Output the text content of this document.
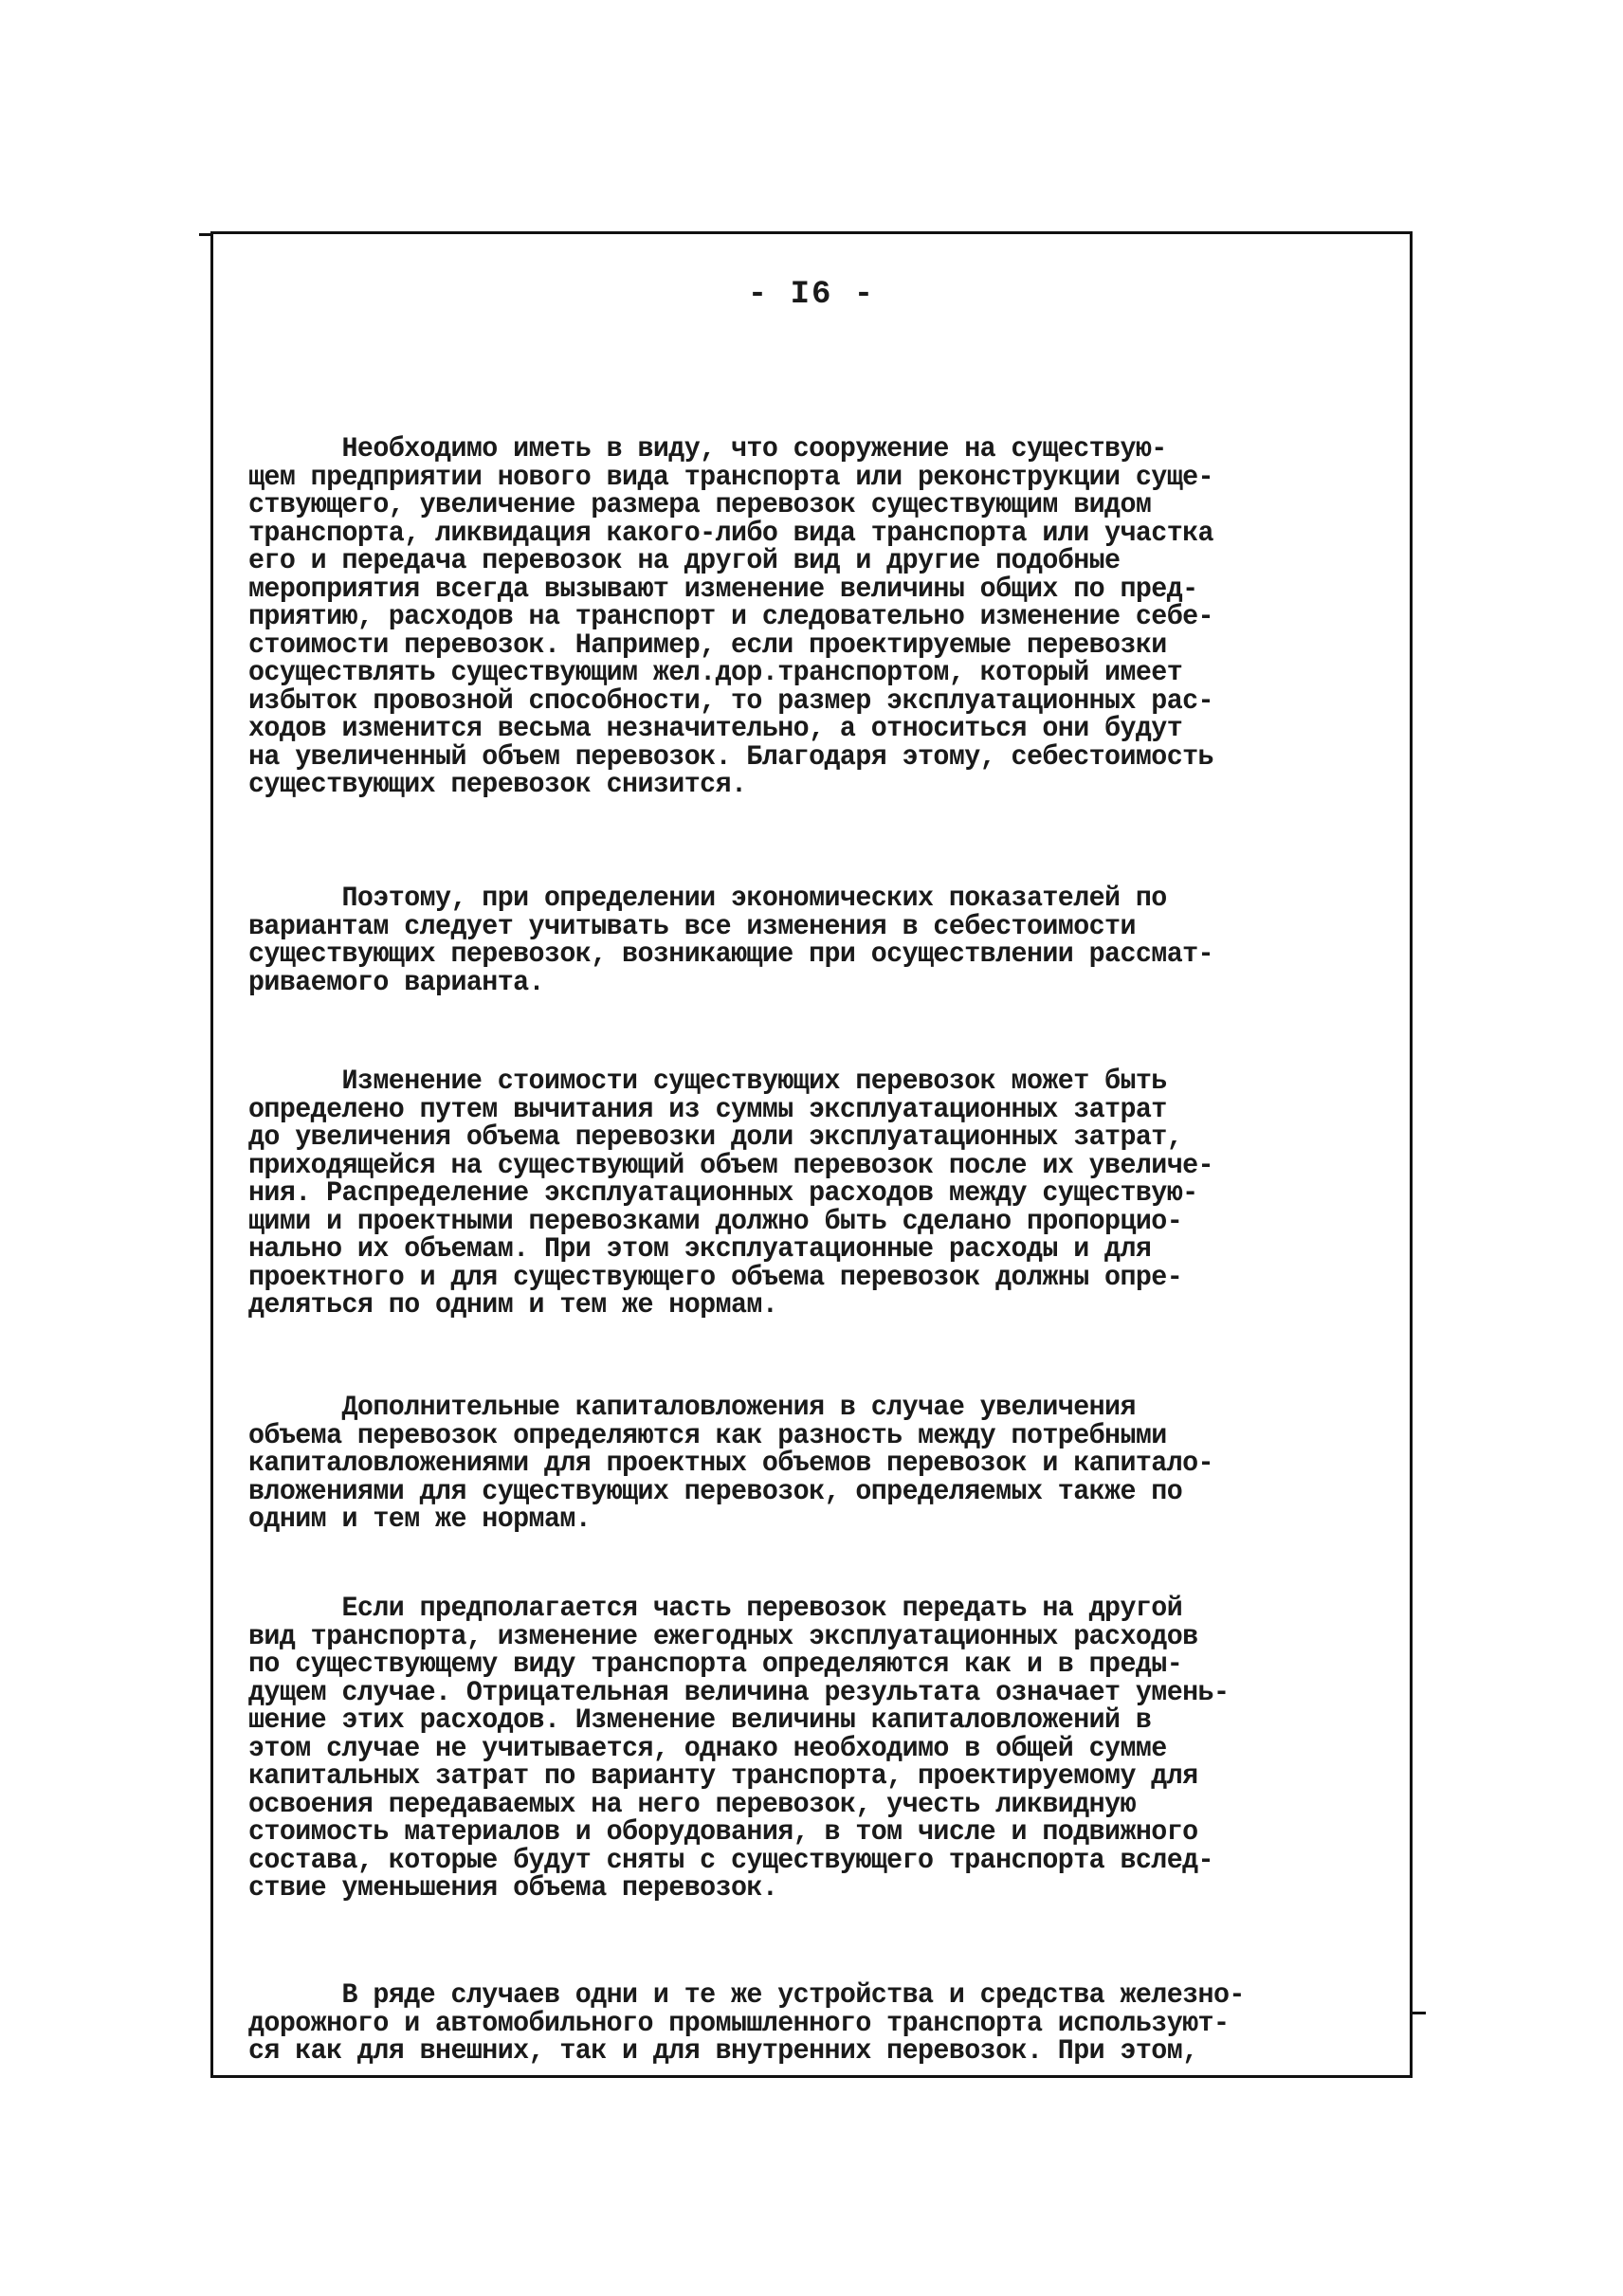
- I6 -

Необходимо иметь в виду, что сооружение на существую-
щем предприятии нового вида транспорта или реконструкции суще-
ствующего, увеличение размера перевозок существующим видом
транспорта, ликвидация какого-либо вида транспорта или участка
его и передача перевозок на другой вид и другие подобные
мероприятия всегда вызывают изменение величины общих по пред-
приятию, расходов на транспорт и следовательно изменение себе-
стоимости перевозок. Например, если проектируемые перевозки
осуществлять существующим жел.дор.транспортом, который имеет
избыток провозной способности, то размер эксплуатационных рас-
ходов изменится весьма незначительно, а относиться они будут
на увеличенный объем перевозок. Благодаря этому, себестоимость
существующих перевозок снизится.

Поэтому, при определении экономических показателей по
вариантам следует учитывать все изменения в себестоимости
существующих перевозок, возникающие при осуществлении рассмат-
риваемого варианта.

Изменение стоимости существующих перевозок может быть
определено путем вычитания из суммы эксплуатационных затрат
до увеличения объема перевозки доли эксплуатационных затрат,
приходящейся на существующий объем перевозок после их увеличе-
ния. Распределение эксплуатационных расходов между существую-
щими и проектными перевозками должно быть сделано пропорцио-
нально их объемам. При этом эксплуатационные расходы и для
проектного и для существующего объема перевозок должны опре-
деляться по одним и тем же нормам.

Дополнительные капиталовложения в случае увеличения
объема перевозок определяются как разность между потребными
капиталовложениями для проектных объемов перевозок и капитало-
вложениями для существующих перевозок, определяемых также по
одним и тем же нормам.

Если предполагается часть перевозок передать на другой
вид транспорта, изменение ежегодных эксплуатационных расходов
по существующему виду транспорта определяются как и в преды-
дущем случае. Отрицательная величина результата означает умень-
шение этих расходов. Изменение величины капиталовложений в
этом случае не учитывается, однако необходимо в общей сумме
капитальных затрат по варианту транспорта, проектируемому для
освоения передаваемых на него перевозок, учесть ликвидную
стоимость материалов и оборудования, в том числе и подвижного
состава, которые будут сняты с существующего транспорта вслед-
ствие уменьшения объема перевозок.

В ряде случаев одни и те же устройства и средства железно-
дорожного и автомобильного промышленного транспорта используют-
ся как для внешних, так и для внутренних перевозок. При этом,
